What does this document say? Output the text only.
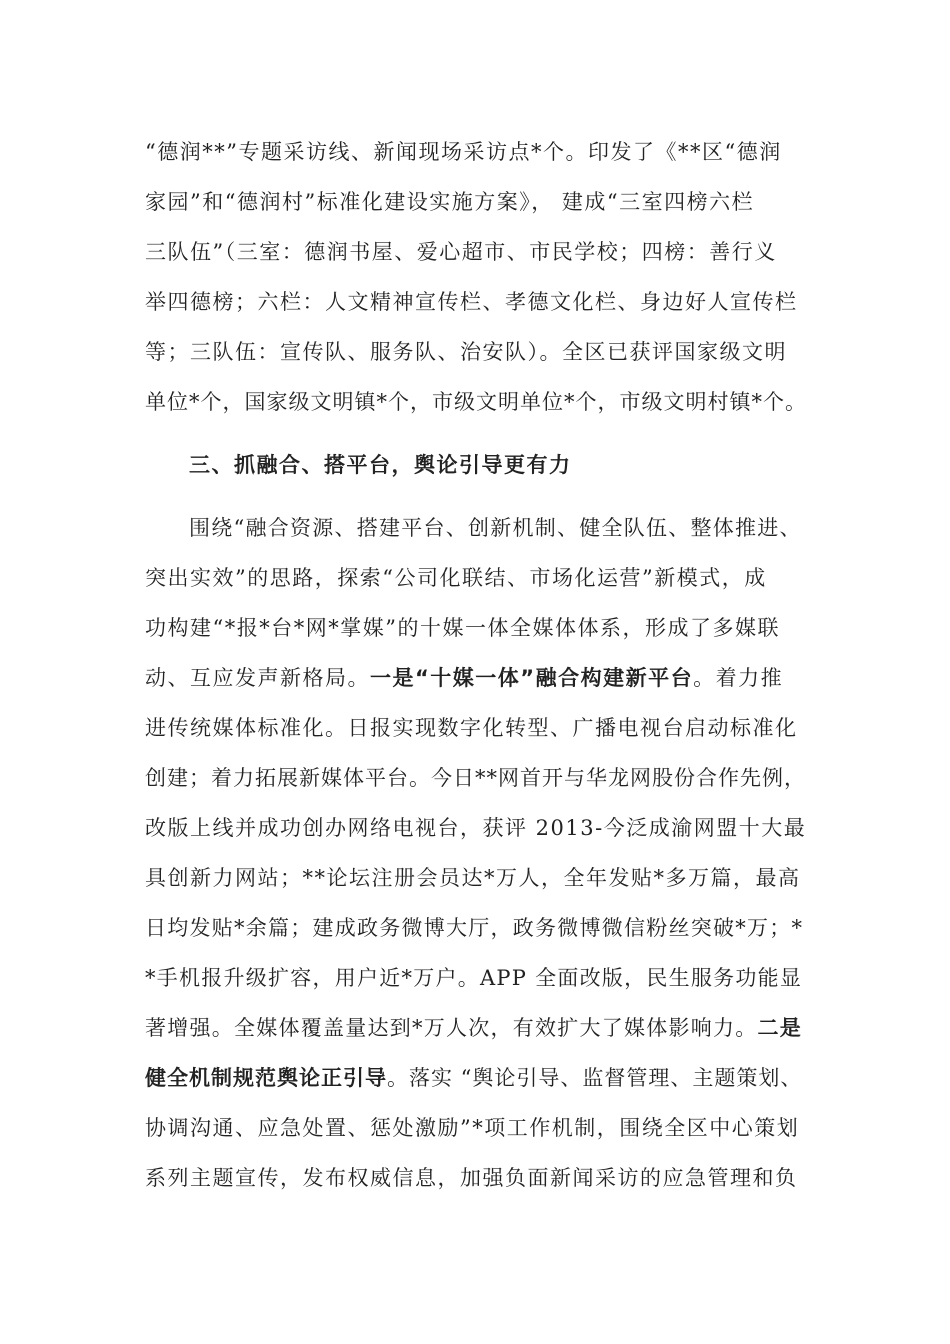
“德润**”专题采访线、新闻现场采访点*个。印发了《**区“德润
家园”和“德润村”标准化建设实施方案》， 建成“三室四榜六栏
三队伍”（三室：德润书屋、爱心超市、市民学校；四榜：善行义
举四德榜；六栏：人文精神宣传栏、孝德文化栏、身边好人宣传栏
等；三队伍：宣传队、服务队、治安队）。全区已获评国家级文明
单位*个，国家级文明镇*个，市级文明单位*个，市级文明村镇*个。
三、抓融合、搭平台，舆论引导更有力
围绕“融合资源、搭建平台、创新机制、健全队伍、整体推进、
突出实效”的思路，探索“公司化联结、市场化运营”新模式，成
功构建“*报*台*网*掌媒”的十媒一体全媒体体系，形成了多媒联
动、互应发声新格局。一是“十媒一体”融合构建新平台。着力推
进传统媒体标准化。日报实现数字化转型、广播电视台启动标准化
创建；着力拓展新媒体平台。今日**网首开与华龙网股份合作先例，
改版上线并成功创办网络电视台，获评 2013-今泛成渝网盟十大最
具创新力网站；**论坛注册会员达*万人，全年发贴*多万篇，最高
日均发贴*余篇；建成政务微博大厅，政务微博微信粉丝突破*万；*
*手机报升级扩容，用户近*万户。APP 全面改版，民生服务功能显
著增强。全媒体覆盖量达到*万人次，有效扩大了媒体影响力。二是
健全机制规范舆论正引导。落实 “舆论引导、监督管理、主题策划、
协调沟通、应急处置、惩处激励”*项工作机制，围绕全区中心策划
系列主题宣传，发布权威信息，加强负面新闻采访的应急管理和负
